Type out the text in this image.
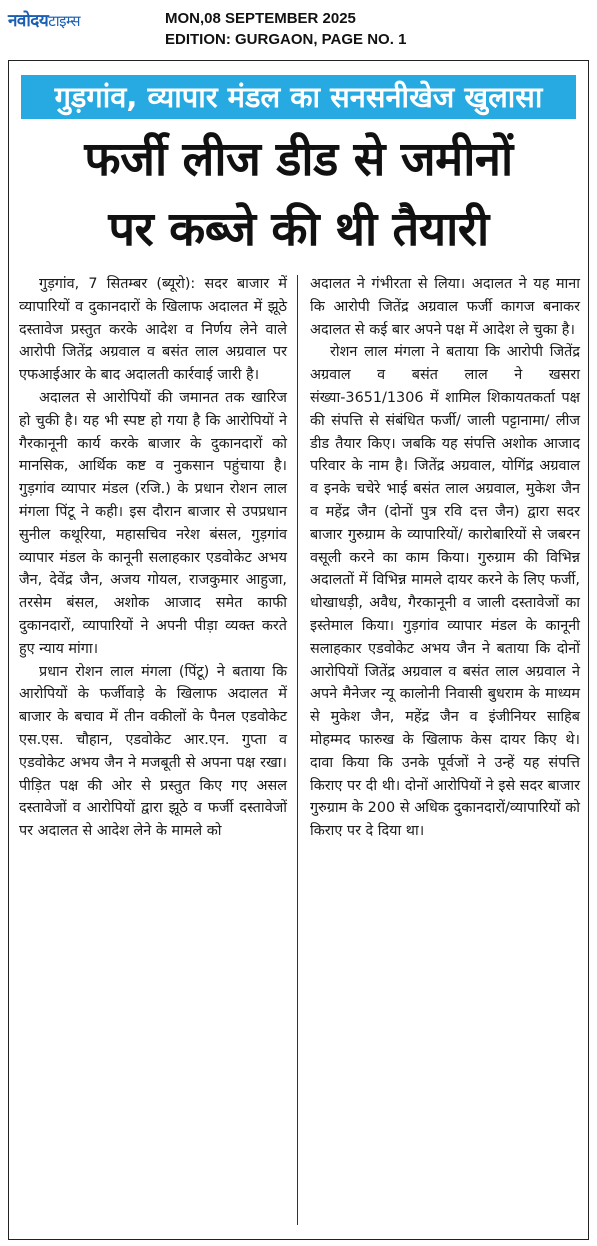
नवोदयटाइम्स	MON,08 SEPTEMBER 2025
EDITION: GURGAON, PAGE NO. 1
गुड़गांव, व्यापार मंडल का सनसनीखेज खुलासा
फर्जी लीज डीड से जमीनों
पर कब्जे की थी तैयारी

गुड़गांव, 7 सितम्बर (ब्यूरो): सदर बाजार में व्यापारियों व दुकानदारों के खिलाफ अदालत में झूठे दस्तावेज प्रस्तुत करके आदेश व निर्णय लेने वाले आरोपी जितेंद्र अग्रवाल व बसंत लाल अग्रवाल पर एफआईआर के बाद अदालती कार्रवाई जारी है।

अदालत से आरोपियों की जमानत तक खारिज हो चुकी है। यह भी स्पष्ट हो गया है कि आरोपियों ने गैरकानूनी कार्य करके बाजार के दुकानदारों को मानसिक, आर्थिक कष्ट व नुकसान पहुंचाया है। गुड़गांव व्यापार मंडल (रजि.) के प्रधान रोशन लाल मंगला पिंटू ने कही। इस दौरान बाजार से उपप्रधान सुनील कथूरिया, महासचिव नरेश बंसल, गुड़गांव व्यापार मंडल के कानूनी सलाहकार एडवोकेट अभय जैन, देवेंद्र जैन, अजय गोयल, राजकुमार आहुजा, तरसेम बंसल, अशोक आजाद समेत काफी दुकानदारों, व्यापारियों ने अपनी पीड़ा व्यक्त करते हुए न्याय मांगा।

प्रधान रोशन लाल मंगला (पिंटू) ने बताया कि आरोपियों के फर्जीवाड़े के खिलाफ अदालत में बाजार के बचाव में तीन वकीलों के पैनल एडवोकेट एस.एस. चौहान, एडवोकेट आर.एन. गुप्ता व एडवोकेट अभय जैन ने मजबूती से अपना पक्ष रखा। पीड़ित पक्ष की ओर से प्रस्तुत किए गए असल दस्तावेजों व आरोपियों द्वारा झूठे व फर्जी दस्तावेजों पर अदालत से आदेश लेने के मामले को

अदालत ने गंभीरता से लिया। अदालत ने यह माना कि आरोपी जितेंद्र अग्रवाल फर्जी कागज बनाकर अदालत से कई बार अपने पक्ष में आदेश ले चुका है।

रोशन लाल मंगला ने बताया कि आरोपी जितेंद्र अग्रवाल व बसंत लाल ने खसरा संख्या-3651/1306 में शामिल शिकायतकर्ता पक्ष की संपत्ति से संबंधित फर्जी/ जाली पट्टानामा/ लीज डीड तैयार किए। जबकि यह संपत्ति अशोक आजाद परिवार के नाम है। जितेंद्र अग्रवाल, योगिंद्र अग्रवाल व इनके चचेरे भाई बसंत लाल अग्रवाल, मुकेश जैन व महेंद्र जैन (दोनों पुत्र रवि दत्त जैन) द्वारा सदर बाजार गुरुग्राम के व्यापारियों/ कारोबारियों से जबरन वसूली करने का काम किया। गुरुग्राम की विभिन्न अदालतों में विभिन्न मामले दायर करने के लिए फर्जी, धोखाधड़ी, अवैध, गैरकानूनी व जाली दस्तावेजों का इस्तेमाल किया। गुड़गांव व्यापार मंडल के कानूनी सलाहकार एडवोकेट अभय जैन ने बताया कि दोनों आरोपियों जितेंद्र अग्रवाल व बसंत लाल अग्रवाल ने अपने मैनेजर न्यू कालोनी निवासी बुधराम के माध्यम से मुकेश जैन, महेंद्र जैन व इंजीनियर साहिब मोहम्मद फारुख के खिलाफ केस दायर किए थे। दावा किया कि उनके पूर्वजों ने उन्हें यह संपत्ति किराए पर दी थी। दोनों आरोपियों ने इसे सदर बाजार गुरुग्राम के 200 से अधिक दुकानदारों/व्यापारियों को किराए पर दे दिया था।
